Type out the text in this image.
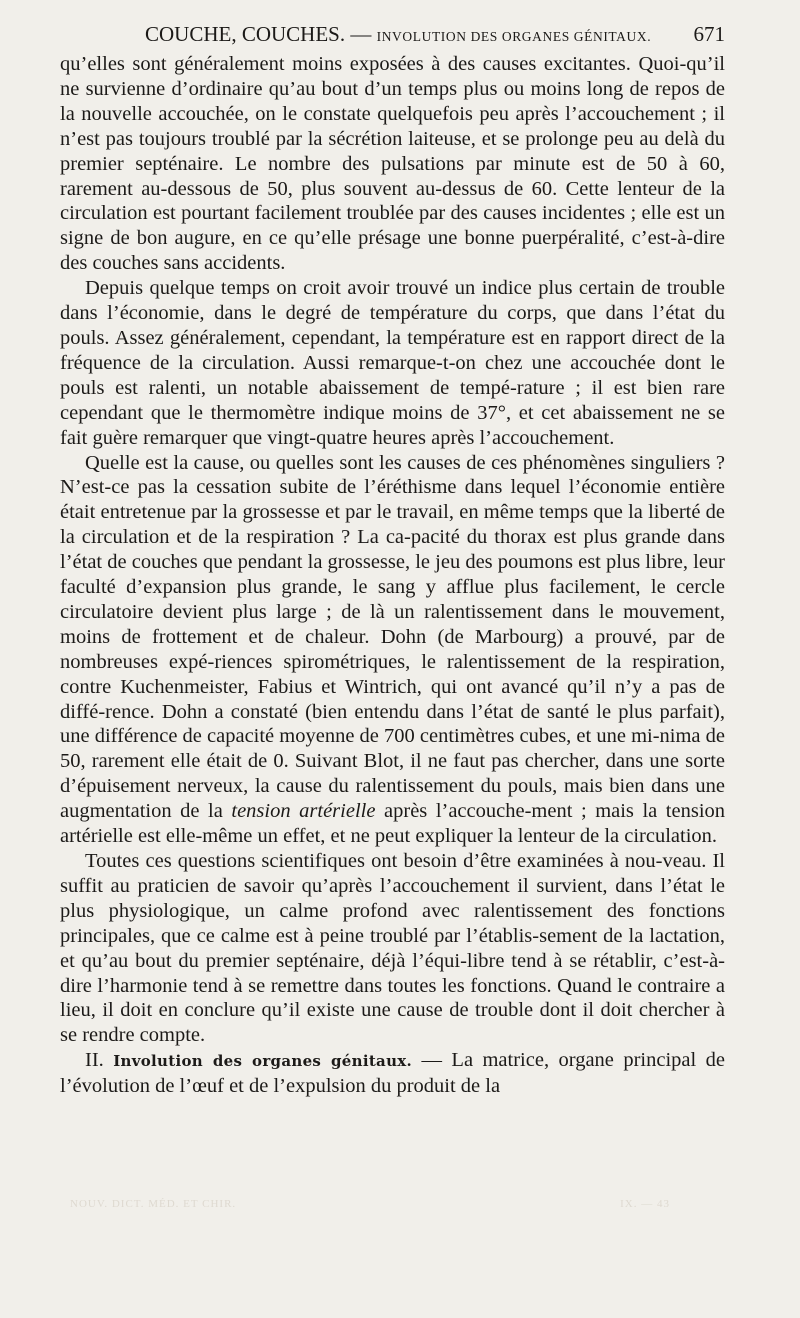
COUCHE, COUCHES. — INVOLUTION DES ORGANES GÉNITAUX. 671

qu’elles sont généralement moins exposées à des causes excitantes. Quoi-qu’il ne survienne d’ordinaire qu’au bout d’un temps plus ou moins long de repos de la nouvelle accouchée, on le constate quelquefois peu après l’accouchement ; il n’est pas toujours troublé par la sécrétion laiteuse, et se prolonge peu au delà du premier septénaire. Le nombre des pulsations par minute est de 50 à 60, rarement au-dessous de 50, plus souvent au-dessus de 60. Cette lenteur de la circulation est pourtant facilement troublée par des causes incidentes ; elle est un signe de bon augure, en ce qu’elle présage une bonne puerpéralité, c’est-à-dire des couches sans accidents.

Depuis quelque temps on croit avoir trouvé un indice plus certain de trouble dans l’économie, dans le degré de température du corps, que dans l’état du pouls. Assez généralement, cependant, la température est en rapport direct de la fréquence de la circulation. Aussi remarque-t-on chez une accouchée dont le pouls est ralenti, un notable abaissement de tempé-rature ; il est bien rare cependant que le thermomètre indique moins de 37°, et cet abaissement ne se fait guère remarquer que vingt-quatre heures après l’accouchement.

Quelle est la cause, ou quelles sont les causes de ces phénomènes singuliers ? N’est-ce pas la cessation subite de l’éréthisme dans lequel l’économie entière était entretenue par la grossesse et par le travail, en même temps que la liberté de la circulation et de la respiration ? La ca-pacité du thorax est plus grande dans l’état de couches que pendant la grossesse, le jeu des poumons est plus libre, leur faculté d’expansion plus grande, le sang y afflue plus facilement, le cercle circulatoire devient plus large ; de là un ralentissement dans le mouvement, moins de frottement et de chaleur. Dohn (de Marbourg) a prouvé, par de nombreuses expé-riences spirométriques, le ralentissement de la respiration, contre Kuchenmeister, Fabius et Wintrich, qui ont avancé qu’il n’y a pas de diffé-rence. Dohn a constaté (bien entendu dans l’état de santé le plus parfait), une différence de capacité moyenne de 700 centimètres cubes, et une mi-nima de 50, rarement elle était de 0. Suivant Blot, il ne faut pas chercher, dans une sorte d’épuisement nerveux, la cause du ralentissement du pouls, mais bien dans une augmentation de la tension artérielle après l’accouche-ment ; mais la tension artérielle est elle-même un effet, et ne peut expliquer la lenteur de la circulation.

Toutes ces questions scientifiques ont besoin d’être examinées à nou-veau. Il suffit au praticien de savoir qu’après l’accouchement il survient, dans l’état le plus physiologique, un calme profond avec ralentissement des fonctions principales, que ce calme est à peine troublé par l’établis-sement de la lactation, et qu’au bout du premier septénaire, déjà l’équi-libre tend à se rétablir, c’est-à-dire l’harmonie tend à se remettre dans toutes les fonctions. Quand le contraire a lieu, il doit en conclure qu’il existe une cause de trouble dont il doit chercher à se rendre compte.

II. Involution des organes génitaux. — La matrice, organe principal de l’évolution de l’œuf et de l’expulsion du produit de la

NOUV. DICT. MÉD. ET CHIR.	IX. — 43
